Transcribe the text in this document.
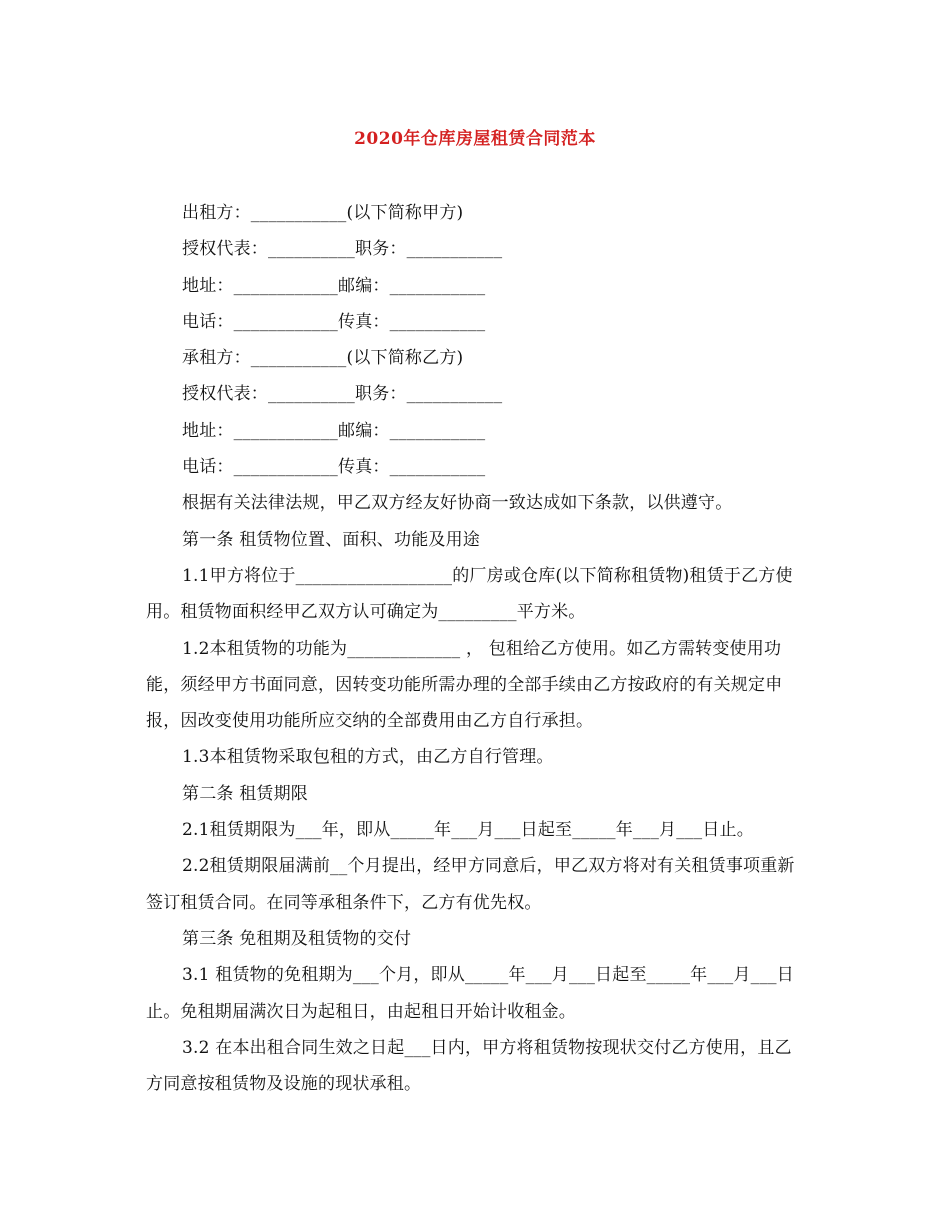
2020年仓库房屋租赁合同范本

出租方：___________(以下简称甲方)

授权代表：__________职务：___________

地址：____________邮编：___________

电话：____________传真：___________

承租方：___________(以下简称乙方)

授权代表：__________职务：___________

地址：____________邮编：___________

电话：____________传真：___________

根据有关法律法规，甲乙双方经友好协商一致达成如下条款，以供遵守。

第一条 租赁物位置、面积、功能及用途

1.1甲方将位于__________________的厂房或仓库(以下简称租赁物)租赁于乙方使用。租赁物面积经甲乙双方认可确定为_________平方米。

1.2本租赁物的功能为_____________ ， 包租给乙方使用。如乙方需转变使用功能，须经甲方书面同意，因转变功能所需办理的全部手续由乙方按政府的有关规定申报，因改变使用功能所应交纳的全部费用由乙方自行承担。

1.3本租赁物采取包租的方式，由乙方自行管理。

第二条 租赁期限

2.1租赁期限为___年，即从_____年___月___日起至_____年___月___日止。

2.2租赁期限届满前__个月提出，经甲方同意后，甲乙双方将对有关租赁事项重新签订租赁合同。在同等承租条件下，乙方有优先权。

第三条 免租期及租赁物的交付

3.1 租赁物的免租期为___个月，即从_____年___月___日起至_____年___月___日止。免租期届满次日为起租日，由起租日开始计收租金。

3.2 在本出租合同生效之日起___日内，甲方将租赁物按现状交付乙方使用，且乙方同意按租赁物及设施的现状承租。
